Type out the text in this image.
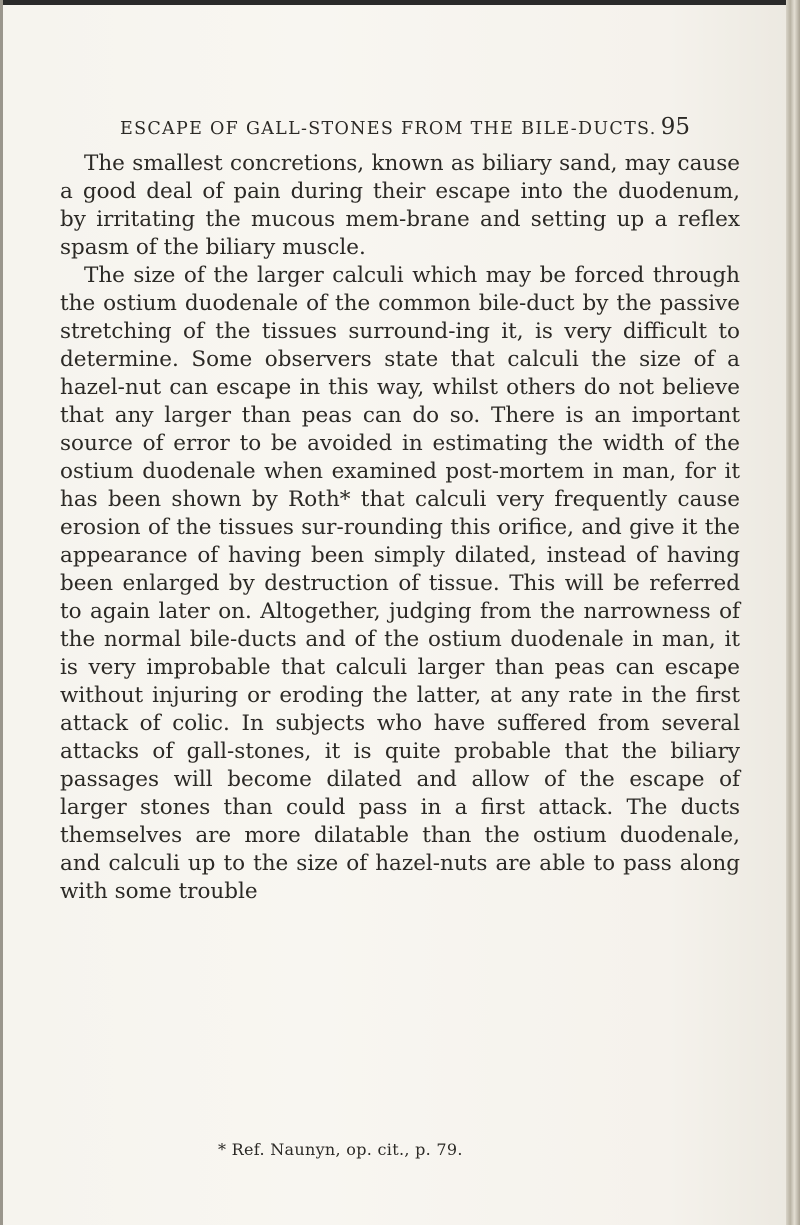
ESCAPE OF GALL-STONES FROM THE BILE-DUCTS. 95

The smallest concretions, known as biliary sand, may cause a good deal of pain during their escape into the duodenum, by irritating the mucous mem-brane and setting up a reflex spasm of the biliary muscle.

The size of the larger calculi which may be forced through the ostium duodenale of the common bile-duct by the passive stretching of the tissues surround-ing it, is very difficult to determine. Some observers state that calculi the size of a hazel-nut can escape in this way, whilst others do not believe that any larger than peas can do so. There is an important source of error to be avoided in estimating the width of the ostium duodenale when examined post-mortem in man, for it has been shown by Roth* that calculi very frequently cause erosion of the tissues sur-rounding this orifice, and give it the appearance of having been simply dilated, instead of having been enlarged by destruction of tissue. This will be referred to again later on. Altogether, judging from the narrowness of the normal bile-ducts and of the ostium duodenale in man, it is very improbable that calculi larger than peas can escape without injuring or eroding the latter, at any rate in the first attack of colic. In subjects who have suffered from several attacks of gall-stones, it is quite probable that the biliary passages will become dilated and allow of the escape of larger stones than could pass in a first attack. The ducts themselves are more dilatable than the ostium duodenale, and calculi up to the size of hazel-nuts are able to pass along with some trouble

* Ref. Naunyn, op. cit., p. 79.
